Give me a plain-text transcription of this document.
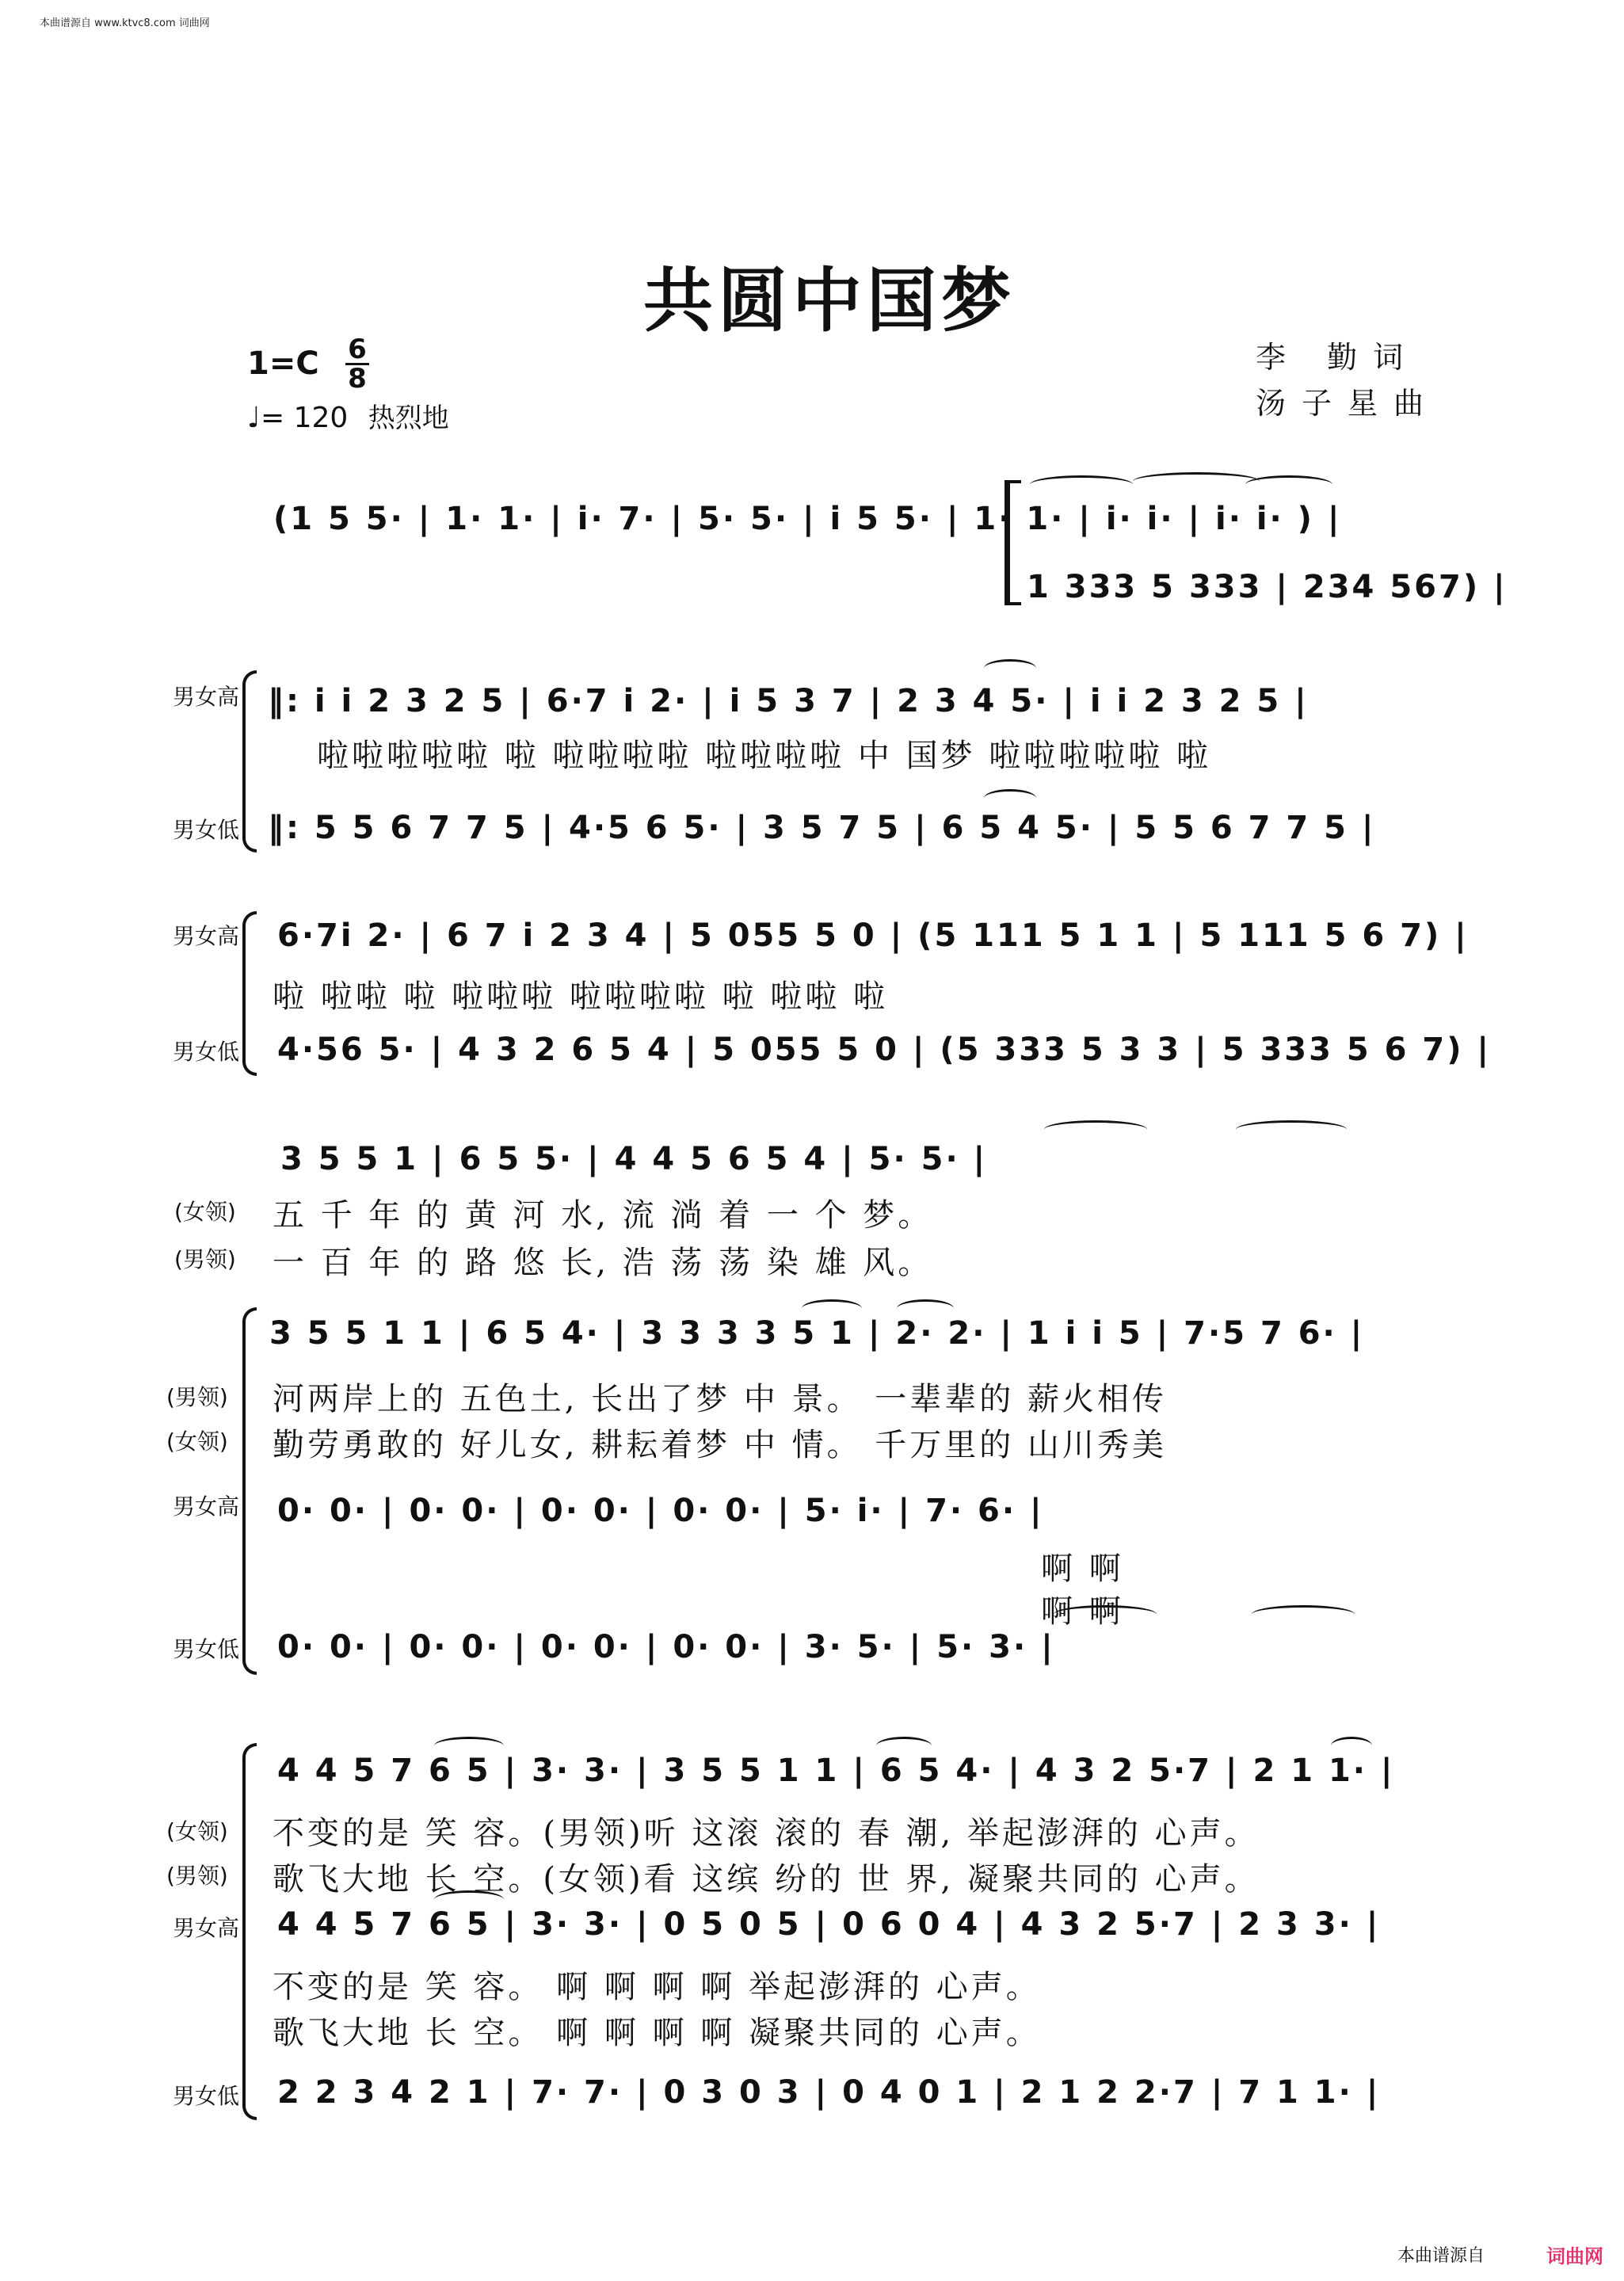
本曲谱源自 www.ktvc8.com 词曲网
共圆中国梦
1=C 6
8
♩= 120 热烈地
李 勤词
汤子星曲
(1 5 5· | 1· 1· | i· 7· | 5· 5· | i 5 5· | 1· 1· | i· i· | i· i· ) |
1 333 5 333 | 234 567) |
男女高 ‖: i i 2 3 2 5 | 6·7 i 2· | i 5 3 7 | 2 3 4 5· | i i 2 3 2 5 |
啦啦啦啦啦 啦 啦啦啦啦 啦啦啦啦 中 国梦 啦啦啦啦啦 啦
男女低 ‖: 5 5 6 7 7 5 | 4·5 6 5· | 3 5 7 5 | 6 5 4 5· | 5 5 6 7 7 5 |
男女高 6·7i 2· | 6 7 i 2 3 4 | 5 055 5 0 | (5 111 5 1 1 | 5 111 5 6 7) |
啦 啦啦 啦 啦啦啦 啦啦啦啦 啦 啦啦 啦
男女低 4·56 5· | 4 3 2 6 5 4 | 5 055 5 0 | (5 333 5 3 3 | 5 333 5 6 7) |
3 5 5 1 | 6 5 5· | 4 4 5 6 5 4 | 5· 5· |
(女领) 五 千 年 的 黄 河 水, 流 淌 着 一 个 梦。
(男领) 一 百 年 的 路 悠 长, 浩 荡 荡 染 雄 风。
3 5 5 1 1 | 6 5 4· | 3 3 3 3 5 1 | 2· 2· | 1 i i 5 | 7·5 7 6· |
(男领) 河两岸上的 五色土, 长出了梦 中 景。 一辈辈的 薪火相传
(女领) 勤劳勇敢的 好儿女, 耕耘着梦 中 情。 千万里的 山川秀美
男女高 0· 0· | 0· 0· | 0· 0· | 0· 0· | 5· i· | 7· 6· |
啊 啊
啊 啊
男女低 0· 0· | 0· 0· | 0· 0· | 0· 0· | 3· 5· | 5· 3· |
4 4 5 7 6 5 | 3· 3· | 3 5 5 1 1 | 6 5 4· | 4 3 2 5·7 | 2 1 1· |
(女领) 不变的是 笑 容。(男领)听 这滚 滚的 春 潮, 举起澎湃的 心声。
(男领) 歌飞大地 长 空。(女领)看 这缤 纷的 世 界, 凝聚共同的 心声。
男女高 4 4 5 7 6 5 | 3· 3· | 0 5 0 5 | 0 6 0 4 | 4 3 2 5·7 | 2 3 3· |
不变的是 笑 容。 啊 啊 啊 啊 举起澎湃的 心声。
歌飞大地 长 空。 啊 啊 啊 啊 凝聚共同的 心声。
男女低 2 2 3 4 2 1 | 7· 7· | 0 3 0 3 | 0 4 0 1 | 2 1 2 2·7 | 7 1 1· |
本曲谱源自	词曲网
